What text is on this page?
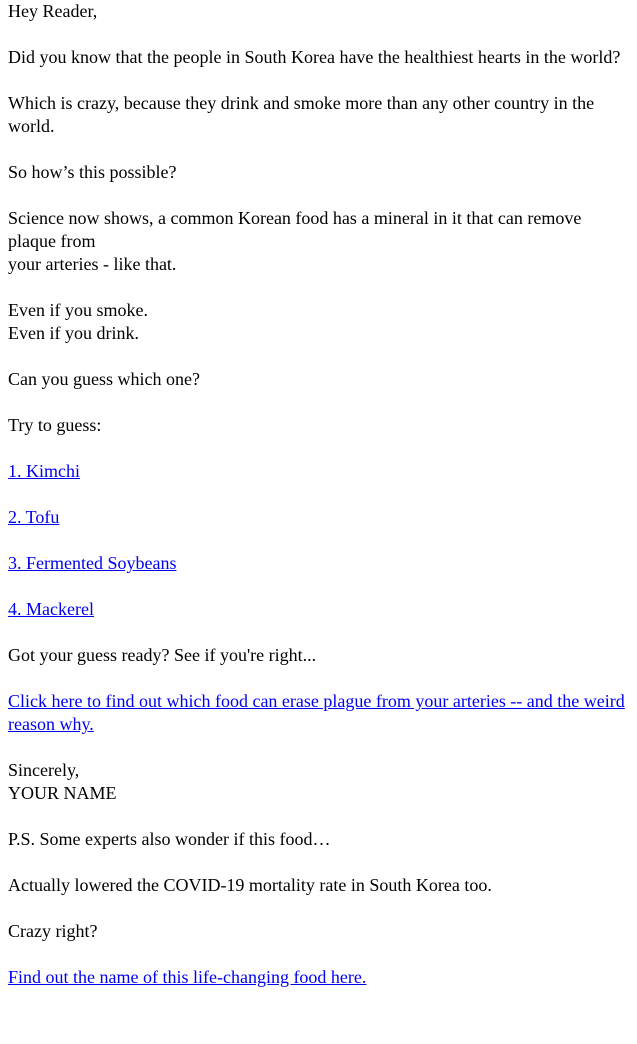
Hey Reader,

Did you know that the people in South Korea have the healthiest hearts in the world?

Which is crazy, because they drink and smoke more than any other country in the world.

So how’s this possible?

Science now shows, a common Korean food has a mineral in it that can remove plaque from
your arteries - like that.

Even if you smoke.
Even if you drink.

Can you guess which one?

Try to guess:

1. Kimchi

2. Tofu

3. Fermented Soybeans

4. Mackerel

Got your guess ready? See if you're right...

Click here to find out which food can erase plague from your arteries -- and the weird
reason why.

Sincerely,
YOUR NAME

P.S. Some experts also wonder if this food…

Actually lowered the COVID-19 mortality rate in South Korea too.

Crazy right?

Find out the name of this life-changing food here.
